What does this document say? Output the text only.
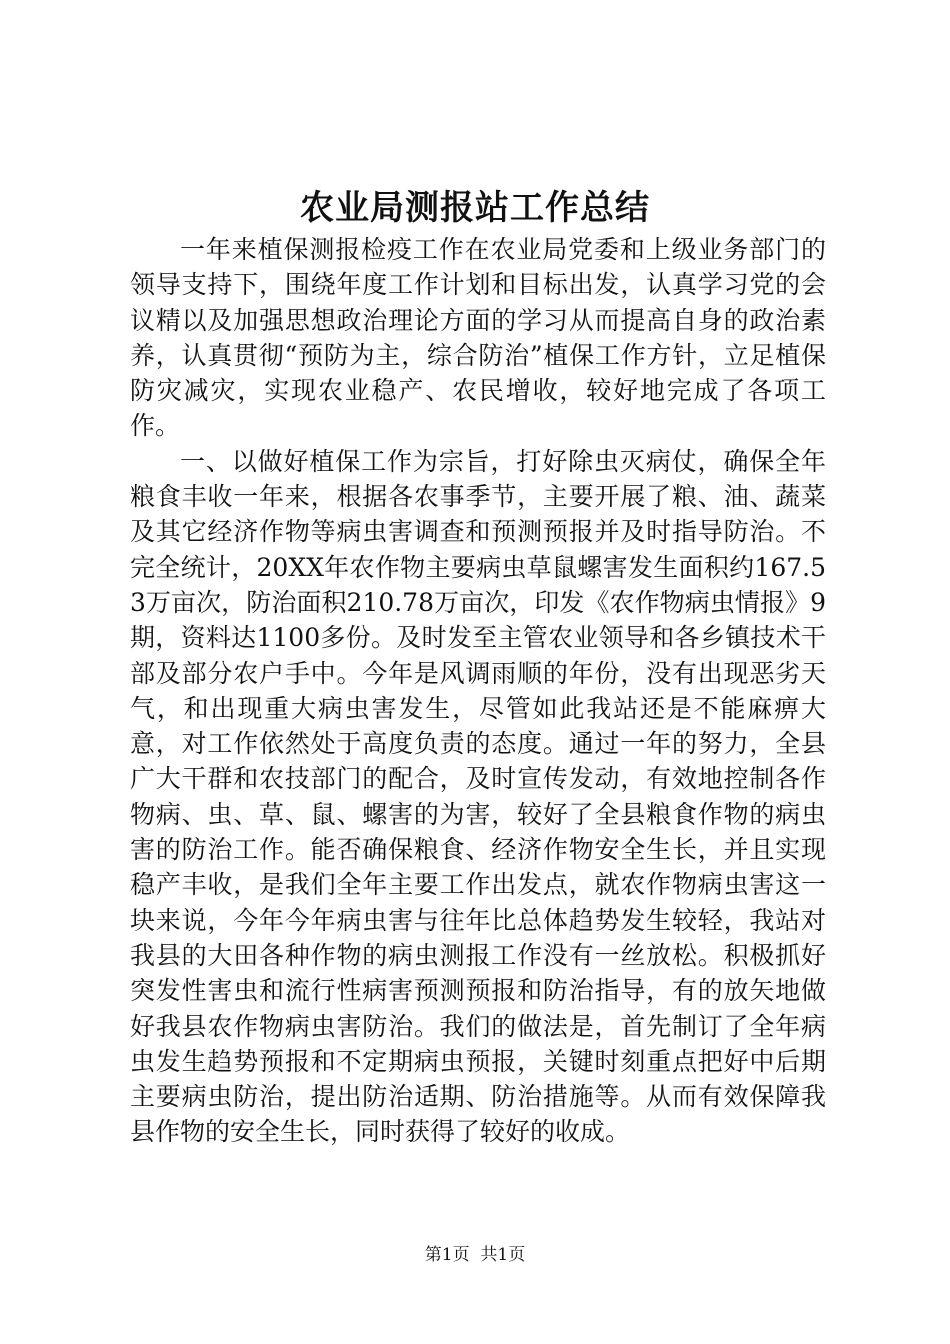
农业局测报站工作总结

一年来植保测报检疫工作在农业局党委和上级业务部门的领导支持下，围绕年度工作计划和目标出发，认真学习党的会议精以及加强思想政治理论方面的学习从而提高自身的政治素养，认真贯彻“预防为主，综合防治”植保工作方针，立足植保防灾减灾，实现农业稳产、农民增收，较好地完成了各项工作。

一、以做好植保工作为宗旨，打好除虫灭病仗，确保全年粮食丰收一年来，根据各农事季节，主要开展了粮、油、蔬菜及其它经济作物等病虫害调查和预测预报并及时指导防治。不完全统计，20XX年农作物主要病虫草鼠螺害发生面积约167.53万亩次，防治面积210.78万亩次，印发《农作物病虫情报》9期，资料达1100多份。及时发至主管农业领导和各乡镇技术干部及部分农户手中。今年是风调雨顺的年份，没有出现恶劣天气，和出现重大病虫害发生，尽管如此我站还是不能麻痹大意，对工作依然处于高度负责的态度。通过一年的努力，全县广大干群和农技部门的配合，及时宣传发动，有效地控制各作物病、虫、草、鼠、螺害的为害，较好了全县粮食作物的病虫害的防治工作。能否确保粮食、经济作物安全生长，并且实现稳产丰收，是我们全年主要工作出发点，就农作物病虫害这一块来说，今年今年病虫害与往年比总体趋势发生较轻，我站对我县的大田各种作物的病虫测报工作没有一丝放松。积极抓好突发性害虫和流行性病害预测预报和防治指导，有的放矢地做好我县农作物病虫害防治。我们的做法是，首先制订了全年病虫发生趋势预报和不定期病虫预报，关键时刻重点把好中后期主要病虫防治，提出防治适期、防治措施等。从而有效保障我县作物的安全生长，同时获得了较好的收成。

第1页 共1页
